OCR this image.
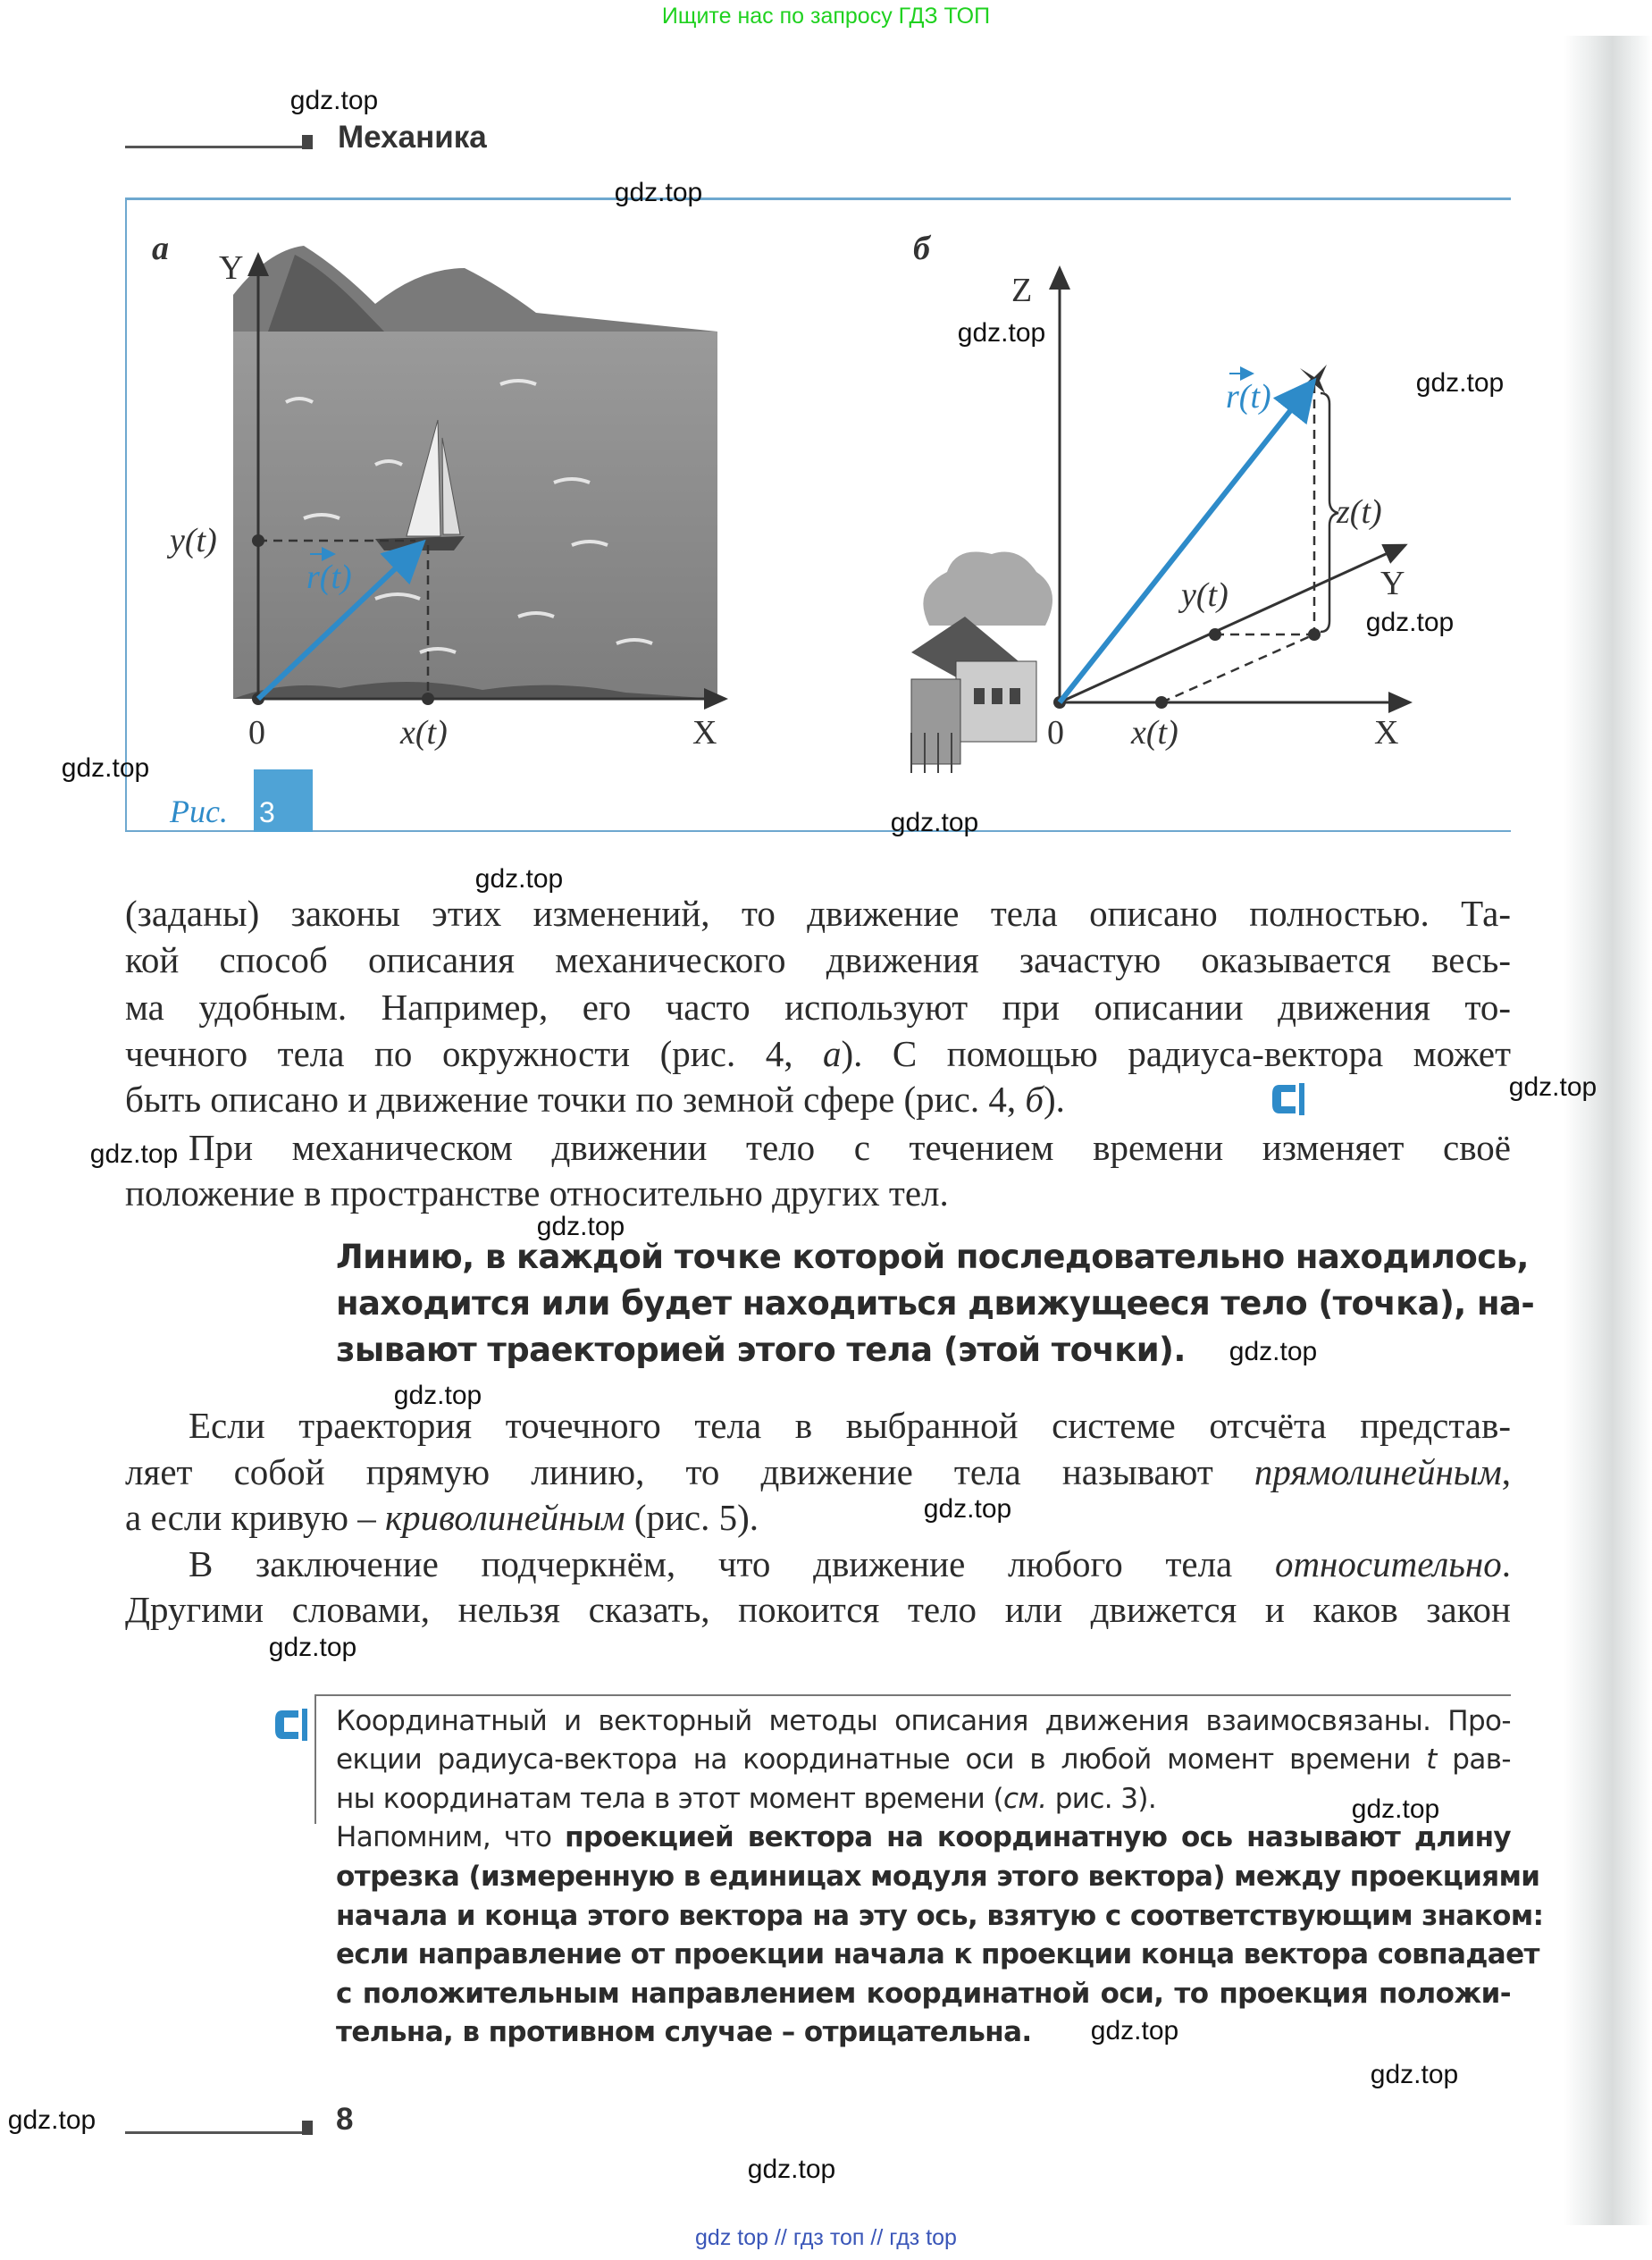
Ищите нас по запросу ГДЗ ТОП
Механика
а
Y
0	x(t)	X
y(t)
r(t)
б
Z
0 x(t)	X
Y
y(t)
z(t)
r(t)
Рис. 3
(заданы) законы этих изменений, то движение тела описано полностью. Та-
кой способ описания механического движения зачастую оказывается весь-
ма удобным. Например, его часто используют при описании движения то-
чечного тела по окружности (рис. 4, а). С помощью радиуса-вектора может
быть описано и движение точки по земной сфере (рис. 4, б).
При механическом движении тело с течением времени изменяет своё
положение в пространстве относительно других тел.
Линию, в каждой точке которой последовательно находилось,
находится или будет находиться движущееся тело (точка), на-
зывают траекторией этого тела (этой точки).
Если траектория точечного тела в выбранной системе отсчёта представ-
ляет собой прямую линию, то движение тела называют прямолинейным,
а если кривую – криволинейным (рис. 5).
В заключение подчеркнём, что движение любого тела относительно.
Другими словами, нельзя сказать, покоится тело или движется и каков закон
Координатный и векторный методы описания движения взаимосвязаны. Про-
екции радиуса-вектора на координатные оси в любой момент времени t рав-
ны координатам тела в этот момент времени (см. рис. 3).
Напомним, что проекцией вектора на координатную ось называют длину
отрезка (измеренную в единицах модуля этого вектора) между проекциями
начала и конца этого вектора на эту ось, взятую с соответствующим знаком:
если направление от проекции начала к проекции конца вектора совпадает
с положительным направлением координатной оси, то проекция положи-
тельна, в противном случае – отрицательна.
8
gdz top // гдз топ // гдз top
gdz.top
gdz.top
gdz.top
gdz.top
gdz.top
gdz.top
gdz.top
gdz.top
gdz.top
gdz.top
gdz.top
gdz.top
gdz.top
gdz.top
gdz.top
gdz.top
gdz.top
gdz.top
gdz.top
gdz.top
